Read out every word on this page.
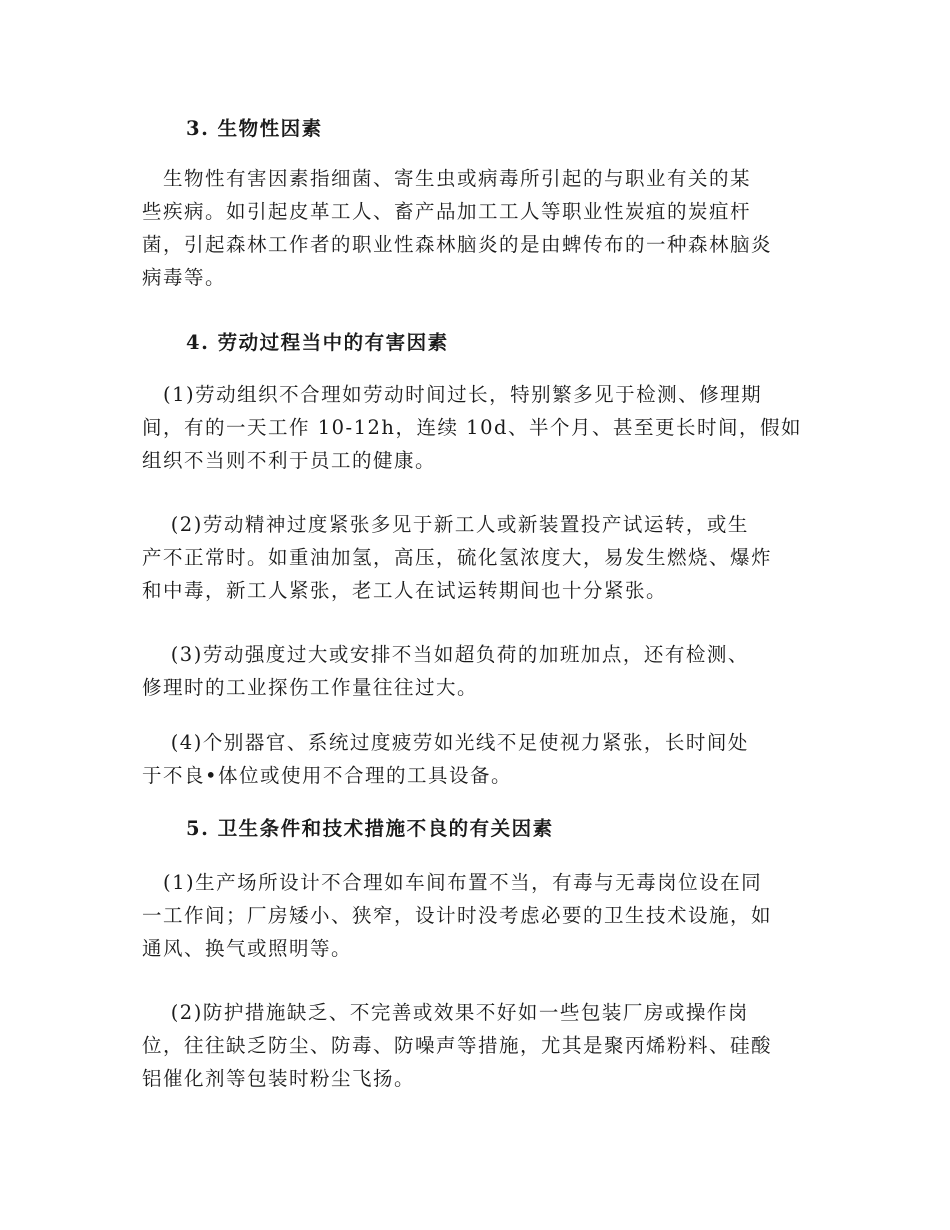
3. 生物性因素

　生物性有害因素指细菌、寄生虫或病毒所引起的与职业有关的某
些疾病。如引起皮革工人、畜产品加工工人等职业性炭疽的炭疽杆
菌，引起森林工作者的职业性森林脑炎的是由蜱传布的一种森林脑炎
病毒等。

4. 劳动过程当中的有害因素

　(1)劳动组织不合理如劳动时间过长，特别繁多见于检测、修理期
间，有的一天工作 10-12h，连续 10d、半个月、甚至更长时间，假如
组织不当则不利于员工的健康。

　 (2)劳动精神过度紧张多见于新工人或新装置投产试运转，或生
产不正常时。如重油加氢，高压，硫化氢浓度大，易发生燃烧、爆炸
和中毒，新工人紧张，老工人在试运转期间也十分紧张。

　 (3)劳动强度过大或安排不当如超负荷的加班加点，还有检测、
修理时的工业探伤工作量往往过大。

　 (4)个别器官、系统过度疲劳如光线不足使视力紧张，长时间处
于不良•体位或使用不合理的工具设备。

5. 卫生条件和技术措施不良的有关因素

　(1)生产场所设计不合理如车间布置不当，有毒与无毒岗位设在同
一工作间；厂房矮小、狭窄，设计时没考虑必要的卫生技术设施，如
通风、换气或照明等。

　 (2)防护措施缺乏、不完善或效果不好如一些包装厂房或操作岗
位，往往缺乏防尘、防毒、防噪声等措施，尤其是聚丙烯粉料、硅酸
铝催化剂等包装时粉尘飞扬。
